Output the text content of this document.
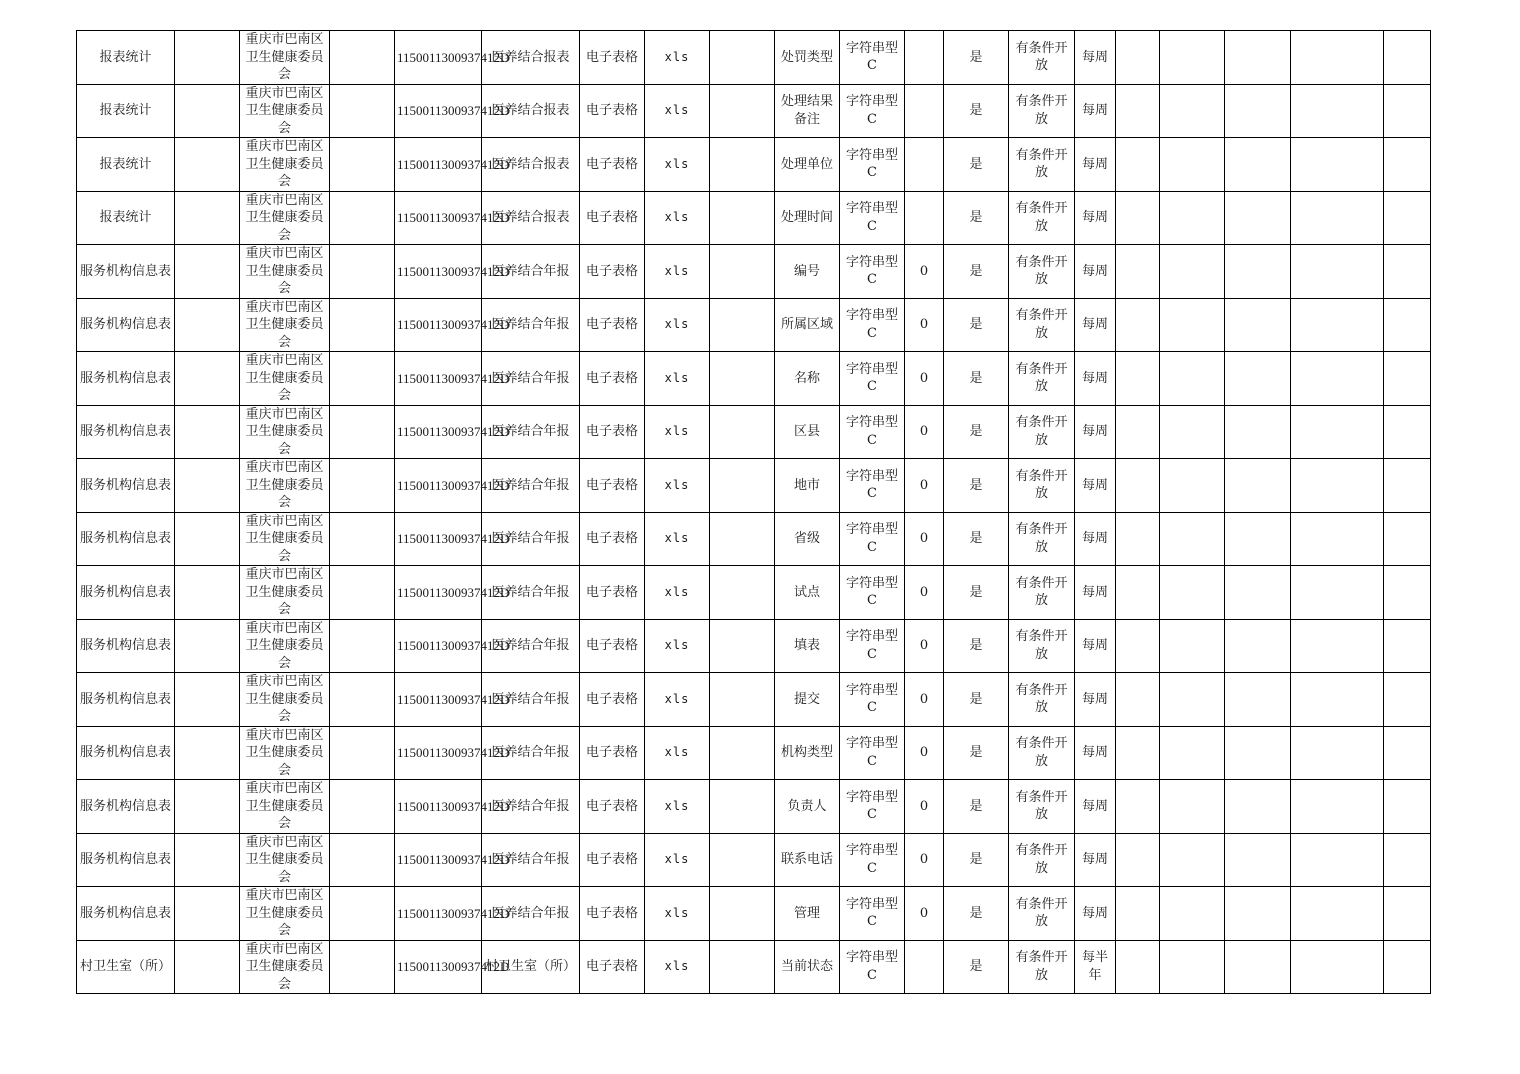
报表统计		重庆市巴南区卫生健康委员会		1150011300937412D	医养结合报表	电子表格	xls		处罚类型	字符串型C		是	有条件开放	每周					
报表统计		重庆市巴南区卫生健康委员会		1150011300937412D	医养结合报表	电子表格	xls		处理结果备注	字符串型C		是	有条件开放	每周					
报表统计		重庆市巴南区卫生健康委员会		1150011300937412D	医养结合报表	电子表格	xls		处理单位	字符串型C		是	有条件开放	每周					
报表统计		重庆市巴南区卫生健康委员会		1150011300937412D	医养结合报表	电子表格	xls		处理时间	字符串型C		是	有条件开放	每周					
服务机构信息表		重庆市巴南区卫生健康委员会		1150011300937412D	医养结合年报	电子表格	xls		编号	字符串型C	0	是	有条件开放	每周					
服务机构信息表		重庆市巴南区卫生健康委员会		1150011300937412D	医养结合年报	电子表格	xls		所属区域	字符串型C	0	是	有条件开放	每周					
服务机构信息表		重庆市巴南区卫生健康委员会		1150011300937412D	医养结合年报	电子表格	xls		名称	字符串型C	0	是	有条件开放	每周					
服务机构信息表		重庆市巴南区卫生健康委员会		1150011300937412D	医养结合年报	电子表格	xls		区县	字符串型C	0	是	有条件开放	每周					
服务机构信息表		重庆市巴南区卫生健康委员会		1150011300937412D	医养结合年报	电子表格	xls		地市	字符串型C	0	是	有条件开放	每周					
服务机构信息表		重庆市巴南区卫生健康委员会		1150011300937412D	医养结合年报	电子表格	xls		省级	字符串型C	0	是	有条件开放	每周					
服务机构信息表		重庆市巴南区卫生健康委员会		1150011300937412D	医养结合年报	电子表格	xls		试点	字符串型C	0	是	有条件开放	每周					
服务机构信息表		重庆市巴南区卫生健康委员会		1150011300937412D	医养结合年报	电子表格	xls		填表	字符串型C	0	是	有条件开放	每周					
服务机构信息表		重庆市巴南区卫生健康委员会		1150011300937412D	医养结合年报	电子表格	xls		提交	字符串型C	0	是	有条件开放	每周					
服务机构信息表		重庆市巴南区卫生健康委员会		1150011300937412D	医养结合年报	电子表格	xls		机构类型	字符串型C	0	是	有条件开放	每周					
服务机构信息表		重庆市巴南区卫生健康委员会		1150011300937412D	医养结合年报	电子表格	xls		负责人	字符串型C	0	是	有条件开放	每周					
服务机构信息表		重庆市巴南区卫生健康委员会		1150011300937412D	医养结合年报	电子表格	xls		联系电话	字符串型C	0	是	有条件开放	每周					
服务机构信息表		重庆市巴南区卫生健康委员会		1150011300937412D	医养结合年报	电子表格	xls		管理	字符串型C	0	是	有条件开放	每周					
村卫生室（所）		重庆市巴南区卫生健康委员会		1150011300937412D	村卫生室（所）	电子表格	xls		当前状态	字符串型C		是	有条件开放	每半年					
